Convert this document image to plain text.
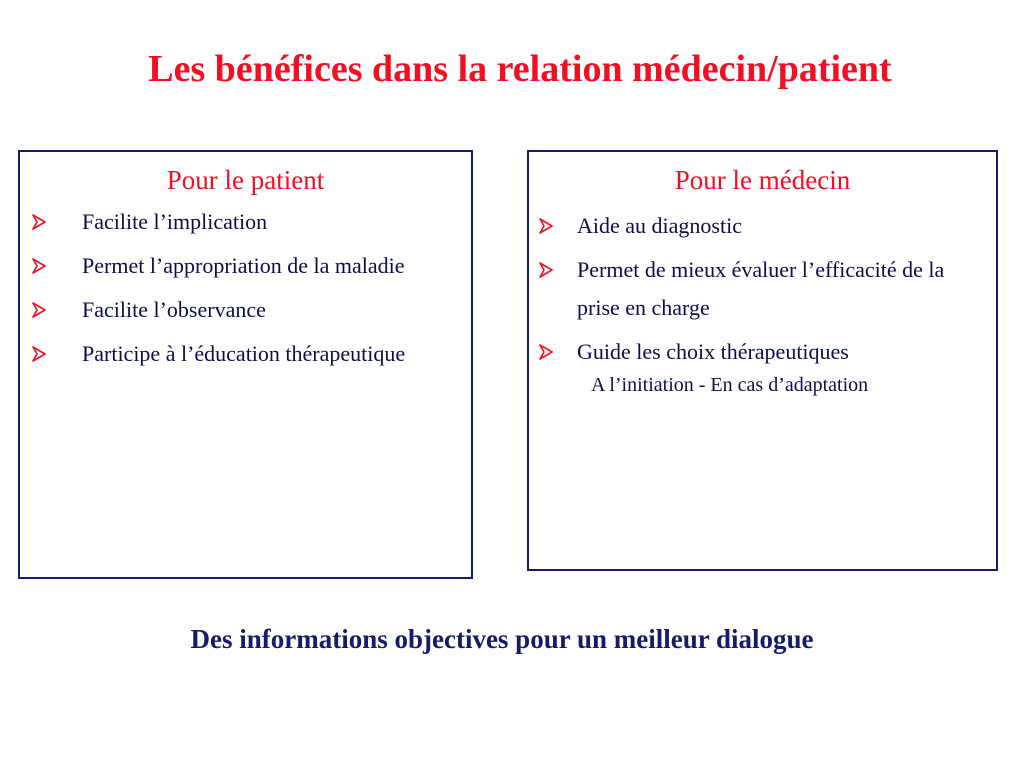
Les bénéfices dans la relation médecin/patient
Pour le patient
Facilite l’implication
Permet l’appropriation de la maladie
Facilite l’observance
Participe à l’éducation thérapeutique
Pour le médecin
Aide au diagnostic
Permet de mieux évaluer l’efficacité de la prise en charge
Guide les choix thérapeutiques
A l’initiation - En cas d’adaptation
Des informations objectives pour un meilleur dialogue
